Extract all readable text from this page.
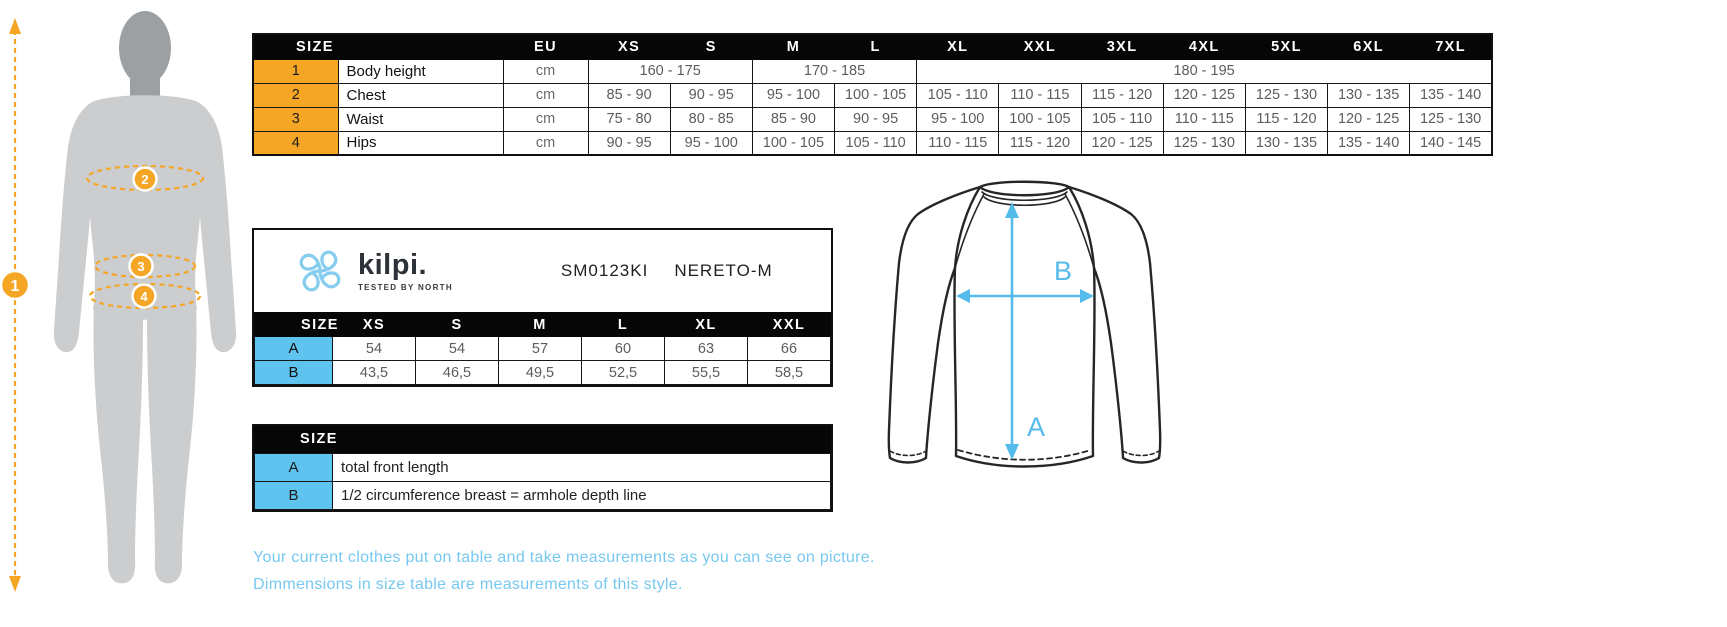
1
2
3
4
SIZE		EU	XS	S	M	L	XL	XXL	3XL	4XL	5XL	6XL	7XL
1	Body height	cm	160 - 175		170 - 185		180 - 195						
2	Chest	cm	85 - 90	90 - 95	95 - 100	100 - 105	105 - 110	110 - 115	115 - 120	120 - 125	125 - 130	130 - 135	135 - 140
3	Waist	cm	75 - 80	80 - 85	85 - 90	90 - 95	95 - 100	100 - 105	105 - 110	110 - 115	115 - 120	120 - 125	125 - 130
4	Hips	cm	90 - 95	95 - 100	100 - 105	105 - 110	110 - 115	115 - 120	120 - 125	125 - 130	130 - 135	135 - 140	140 - 145
kilpi.
TESTED BY NORTH
SM0123KI NERETO-M
SIZE	XS	S	M	L	XL	XXL
A	54	54	57	60	63	66
B	43,5	46,5	49,5	52,5	55,5	58,5
SIZE
A	total front length
B	1/2 circumference breast = armhole depth line
Your current clothes put on table and take measurements as you can see on picture.
Dimmensions in size table are measurements of this style.
A
B
